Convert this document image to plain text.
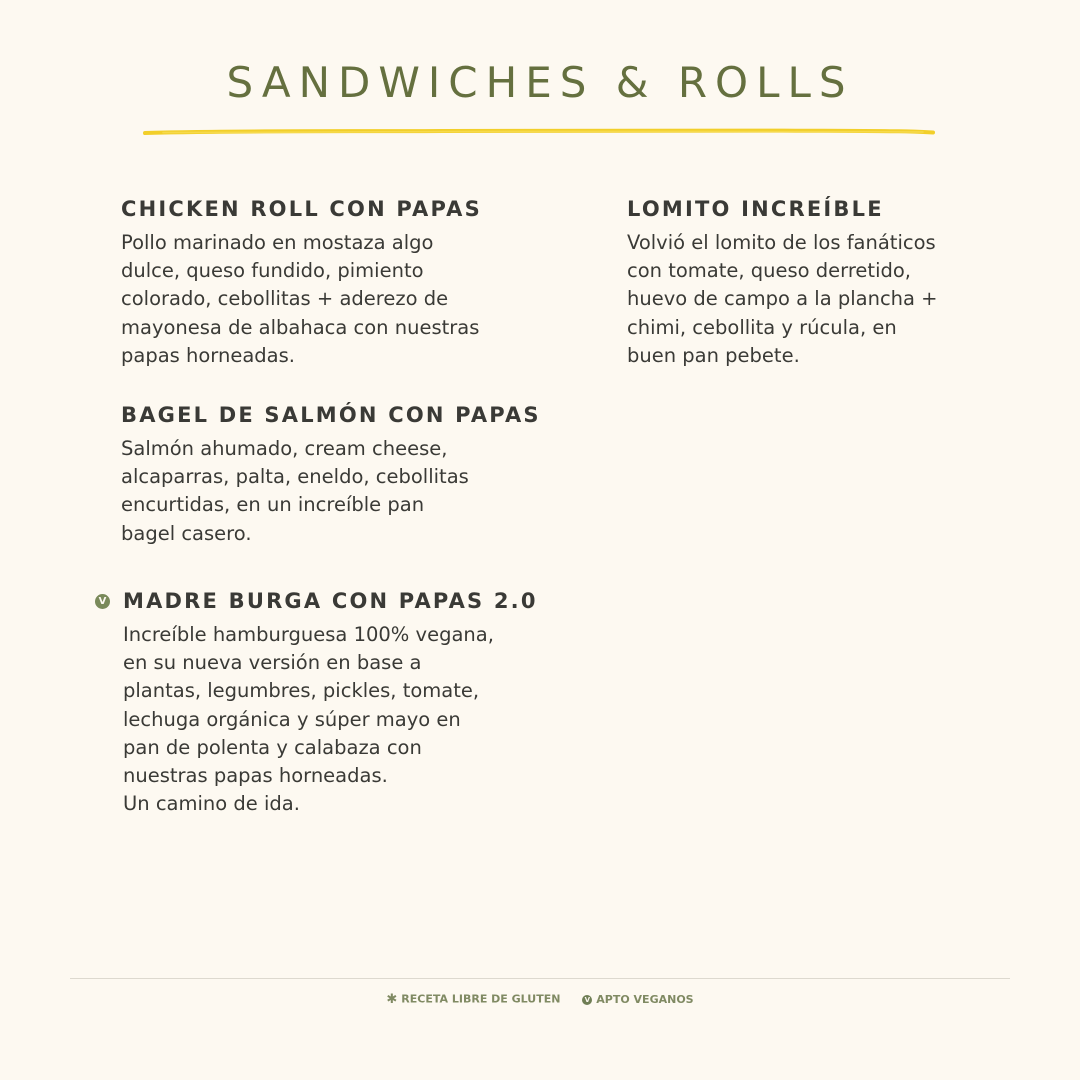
SANDWICHES & ROLLS
CHICKEN ROLL CON PAPAS

Pollo marinado en mostaza algo
dulce, queso fundido, pimiento
colorado, cebollitas + aderezo de
mayonesa de albahaca con nuestras
papas horneadas.

BAGEL DE SALMÓN CON PAPAS

Salmón ahumado, cream cheese,
alcaparras, palta, eneldo, cebollitas
encurtidas, en un increíble pan
bagel casero.

V MADRE BURGA CON PAPAS 2.0

Increíble hamburguesa 100% vegana,
en su nueva versión en base a
plantas, legumbres, pickles, tomate,
lechuga orgánica y súper mayo en
pan de polenta y calabaza con
nuestras papas horneadas.
Un camino de ida.

LOMITO INCREÍBLE

Volvió el lomito de los fanáticos
con tomate, queso derretido,
huevo de campo a la plancha +
chimi, cebollita y rúcula, en
buen pan pebete.

✱ RECETA LIBRE DE GLUTEN	V APTO VEGANOS
